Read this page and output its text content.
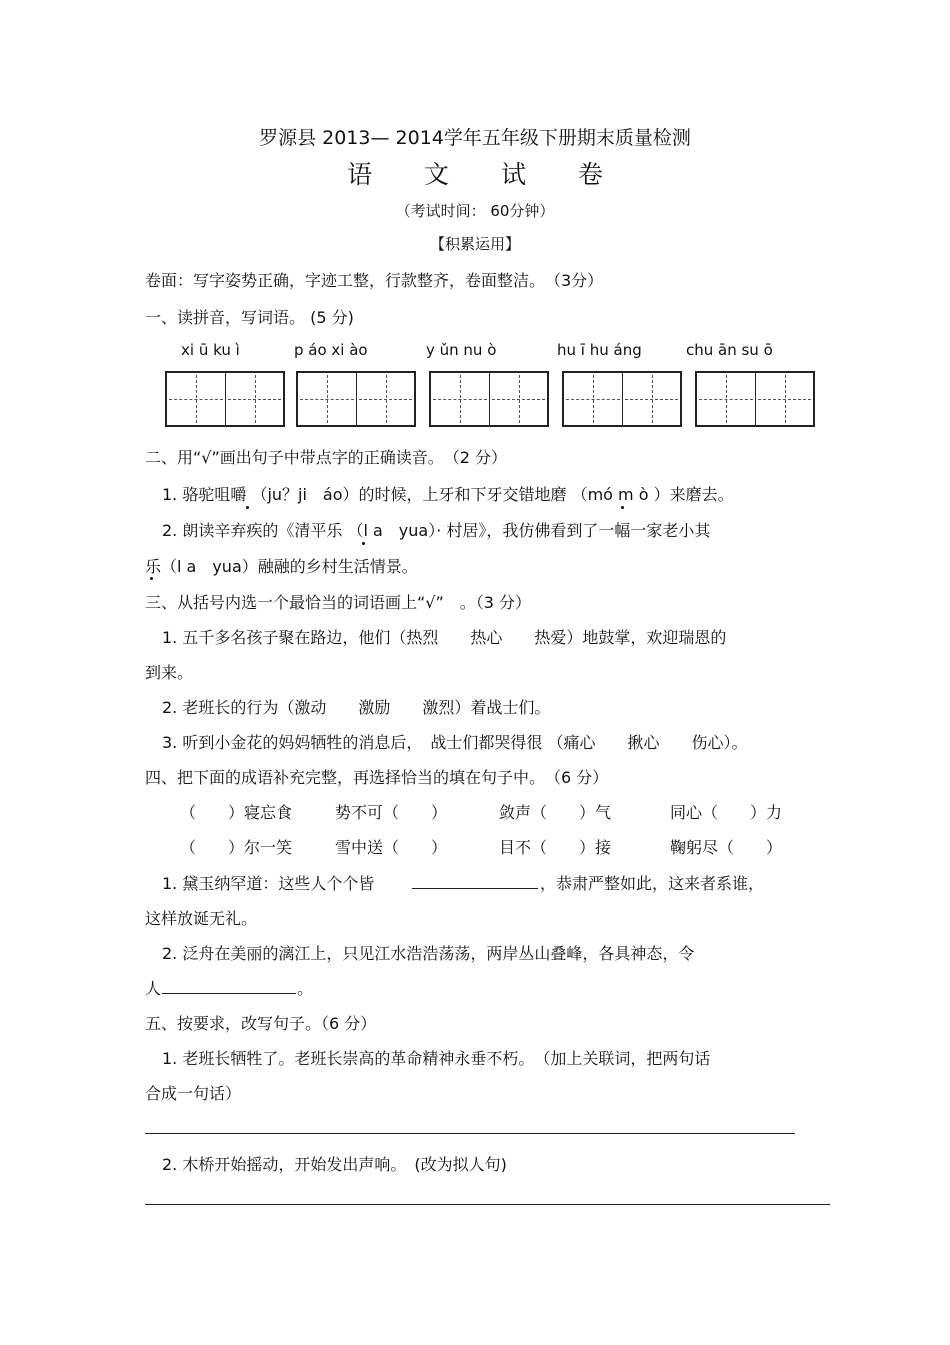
罗源县 2013— 2014学年五年级下册期末质量检测
语 文 试 卷
（考试时间： 60分钟）
【积累运用】
卷面：写字姿势正确，字迹工整，行款整齐，卷面整洁。　（3分）
一、读拼音，写词语。 (5 分)
xi ū ku ì	p áo xi ào	y ǔn nu ò	hu ī hu áng	chu ān su ō
二、用“√”画出句子中带点字的正确读音。　（2 分）
1. 骆驼咀嚼 （ju？ji　áo）的时候，上牙和下牙交错地磨 （mó m ò ）来磨去。
2. 朗读辛弃疾的《清平乐 （l a　yua）· 村居》，我仿佛看到了一幅一家老小其
乐（l a　yua）融融的乡村生活情景。
三、从括号内选一个最恰当的词语画上“√”　。（3 分）
1. 五千多名孩子聚在路边，他们（热烈　　热心　　热爱）地鼓掌，欢迎瑞恩的
到来。
2. 老班长的行为（激动　　激励　　激烈）着战士们。
3. 听到小金花的妈妈牺牲的消息后，　战士们都哭得很 （痛心　　揪心　　伤心）。
四、把下面的成语补充完整，再选择恰当的填在句子中。　（6 分）
（　　）寝忘食	势不可（　　）	敛声（　　）气	同心（　　）力
（　　）尔一笑	雪中送（　　）	目不（　　）接	鞠躬尽（　　）
1. 黛玉纳罕道：这些人个个皆	，恭肃严整如此，这来者系谁，
这样放诞无礼。
2. 泛舟在美丽的漓江上，只见江水浩浩荡荡，两岸丛山叠峰，各具神态，令
人	。
五、按要求，改写句子。（6 分）
1. 老班长牺牲了。老班长崇高的革命精神永垂不朽。　（加上关联词，把两句话
合成一句话）
2. 木桥开始摇动，开始发出声响。　(改为拟人句)
